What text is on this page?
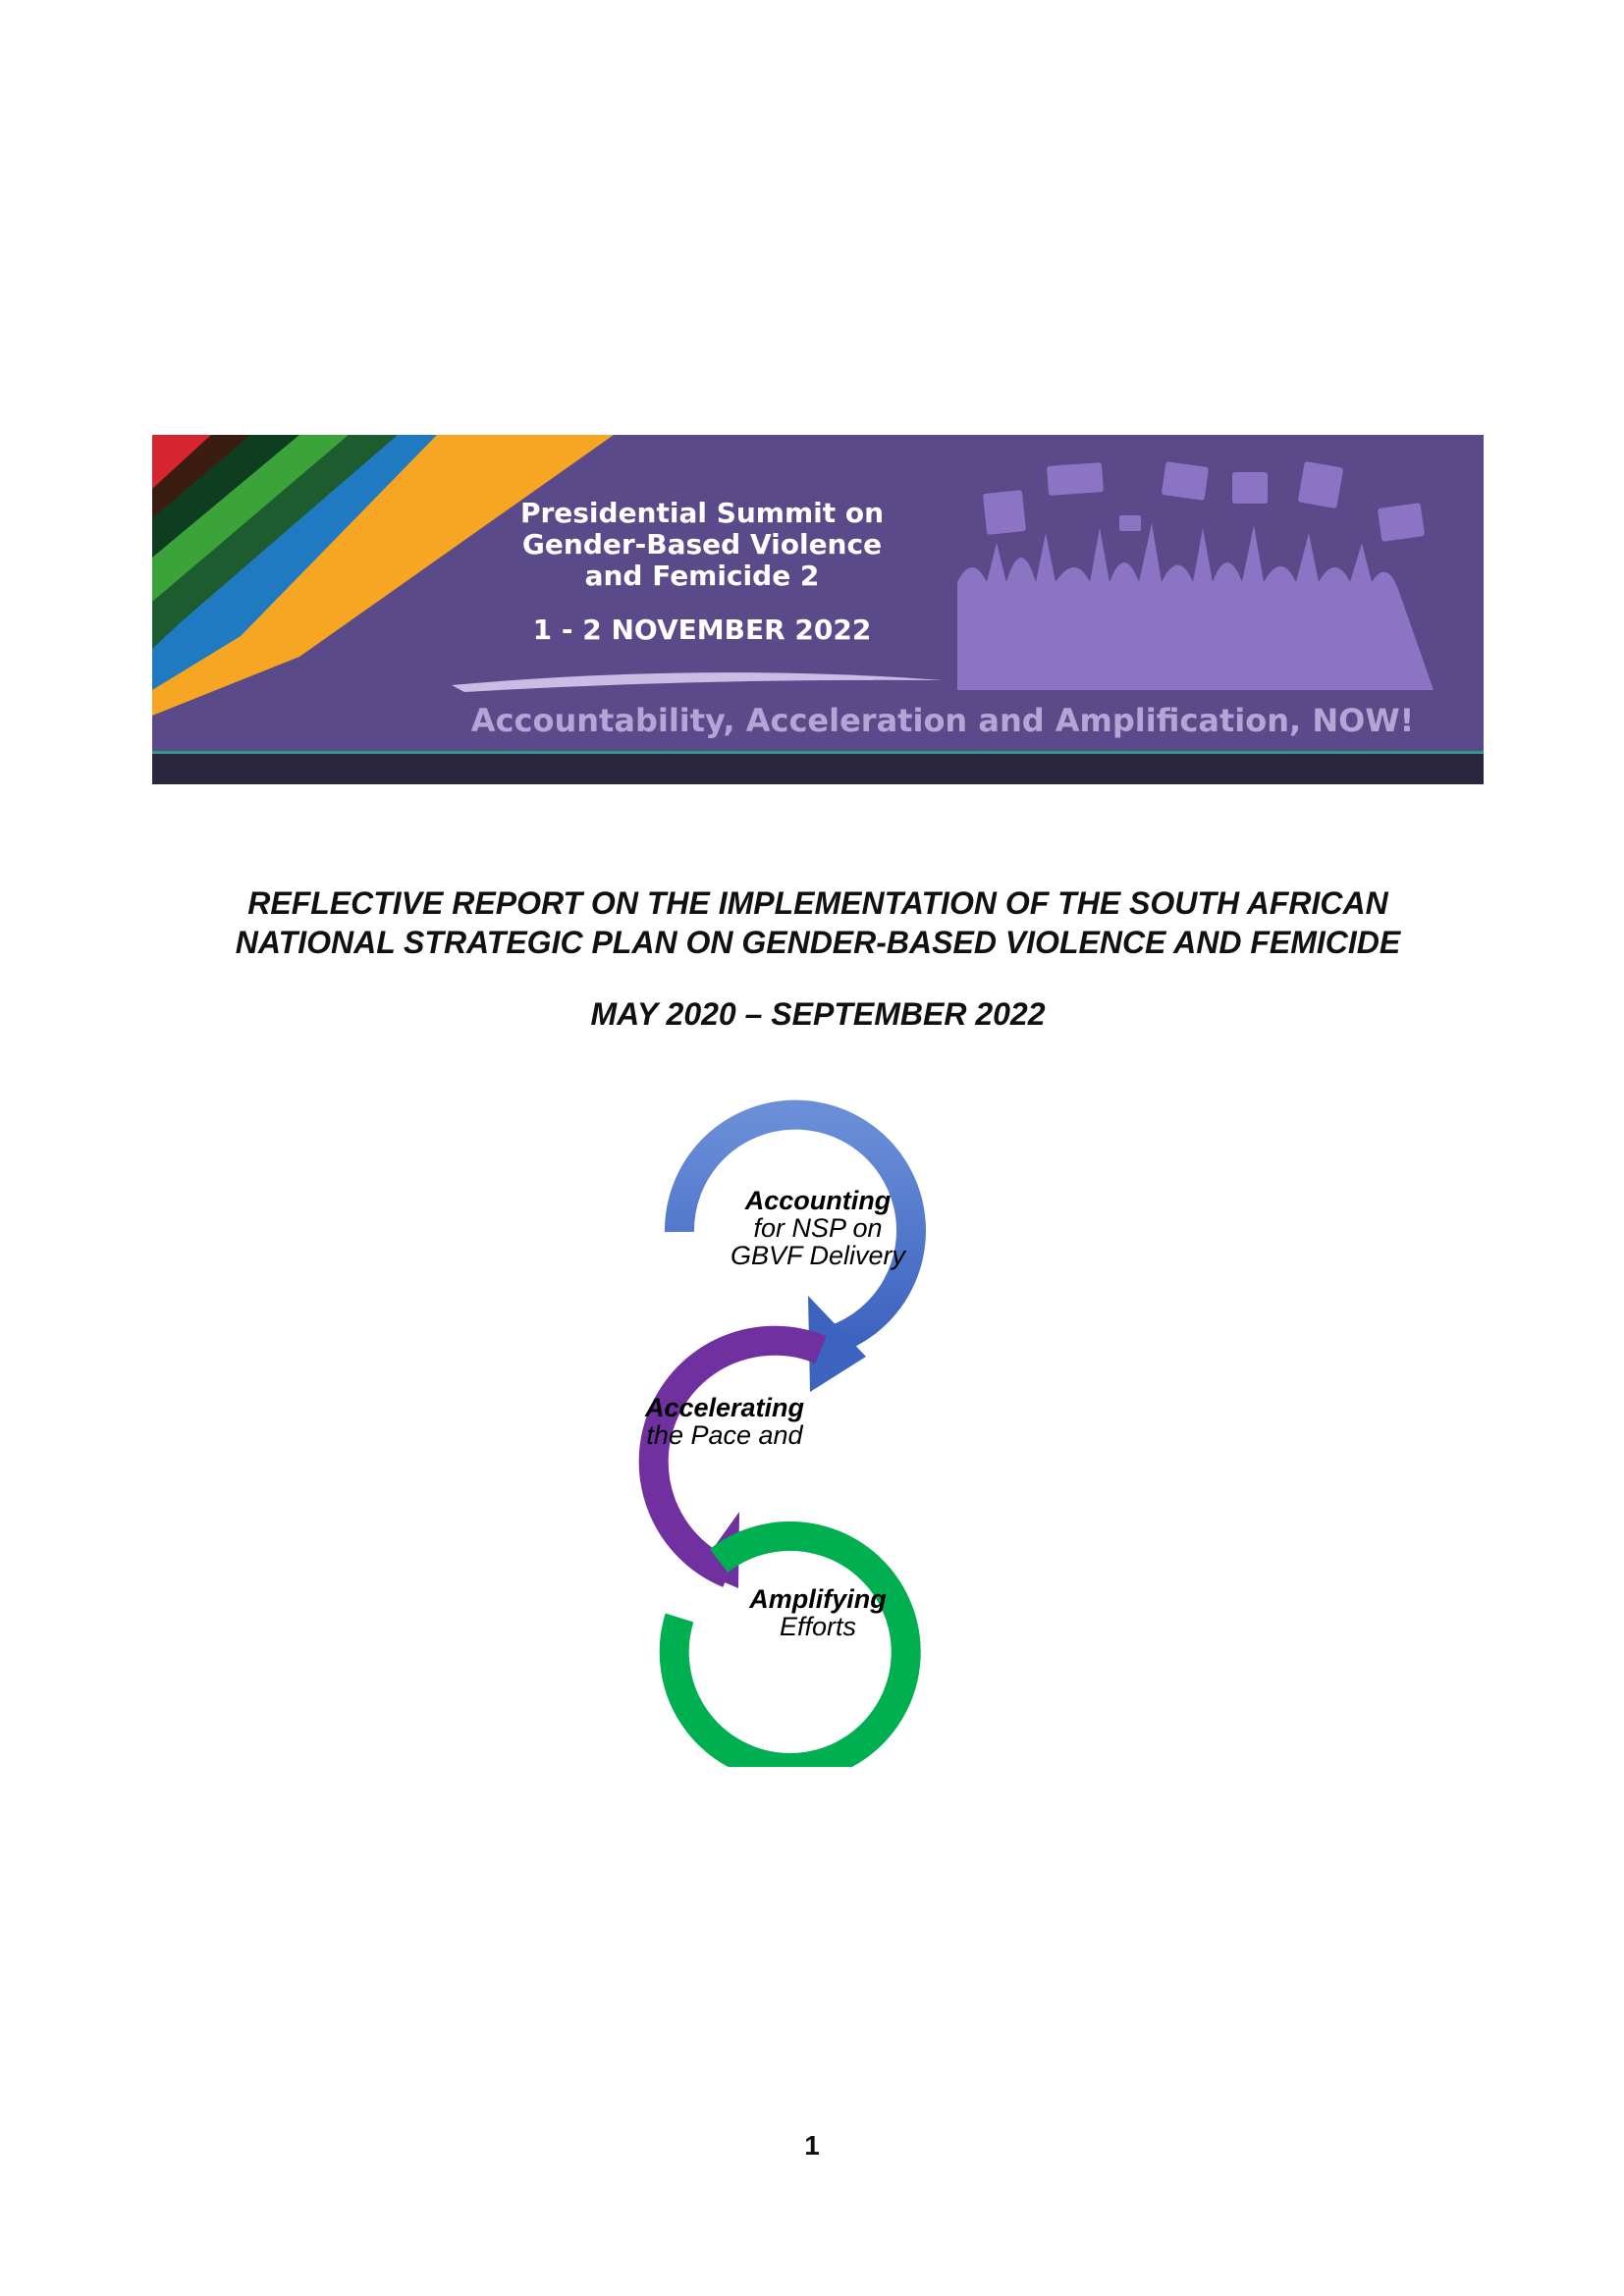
Presidential Summit on
Gender-Based Violence
and Femicide 2
1 - 2 NOVEMBER 2022
Accountability, Acceleration and Amplification, NOW!
REFLECTIVE REPORT ON THE IMPLEMENTATION OF THE SOUTH AFRICAN
NATIONAL STRATEGIC PLAN ON GENDER-BASED VIOLENCE AND FEMICIDE
MAY 2020 – SEPTEMBER 2022
Accounting
for NSP on
GBVF Delivery
Accelerating
the Pace and
Amplifying
Efforts
1
